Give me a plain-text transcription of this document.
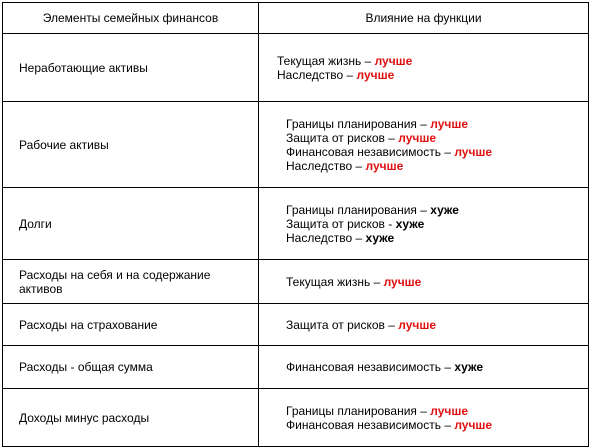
Элементы семейных финансов	Влияние на функции
Неработающие активы	Текущая жизнь – лучше
Наследство – лучше

Рабочие активы	Границы планирования – лучше
Защита от рисков – лучше
Финансовая независимость – лучше
Наследство – лучше

Долги	Границы планирования – хуже
Защита от рисков - хуже
Наследство – хуже

Расходы на себя и на содержание активов	Текущая жизнь – лучше

Расходы на страхование	Защита от рисков – лучше

Расходы - общая сумма	Финансовая независимость – хуже

Доходы минус расходы	Границы планирования – лучше
Финансовая независимость – лучше
